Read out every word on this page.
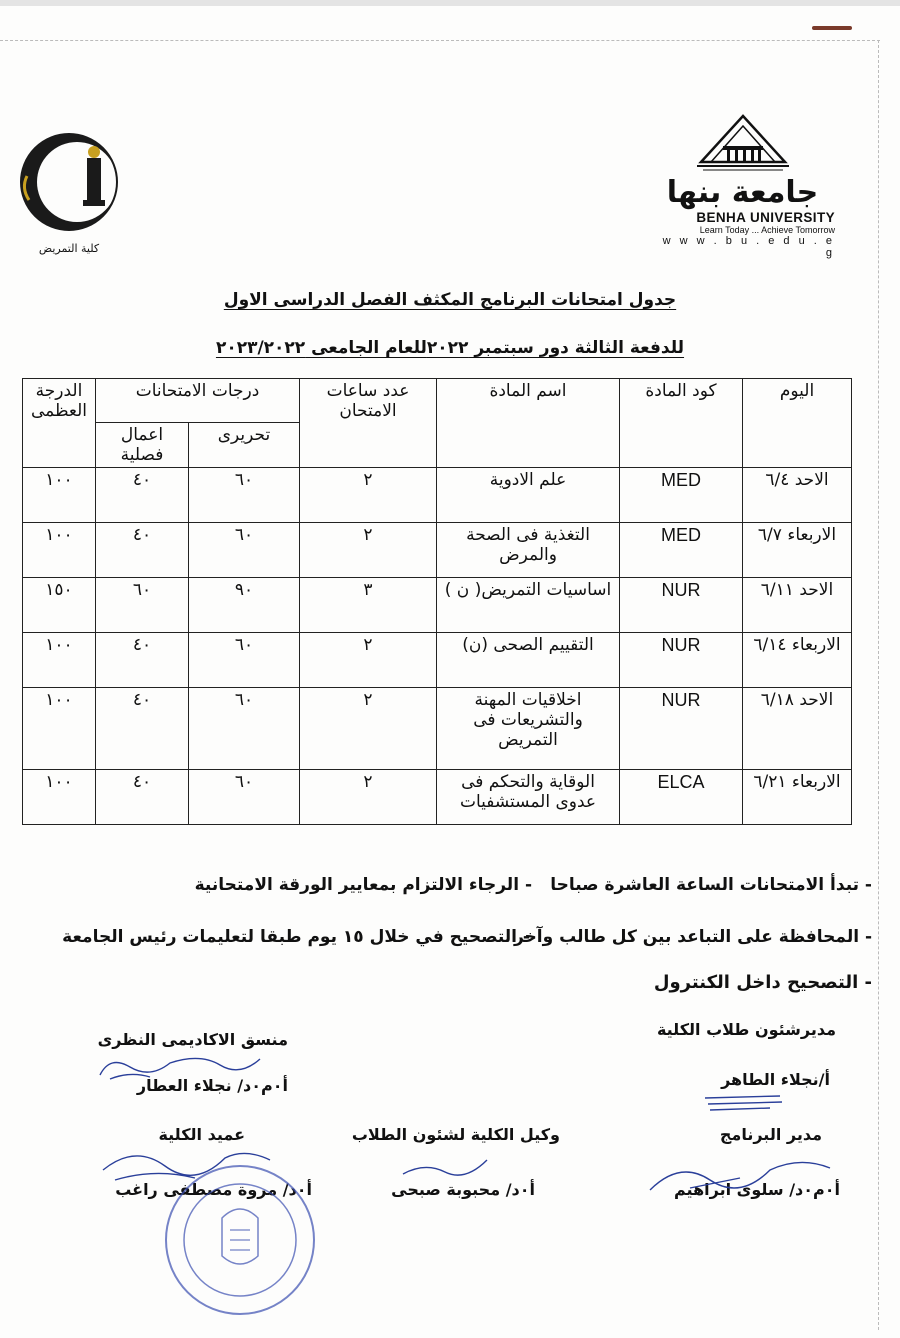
جامعة بنها
BENHA UNIVERSITY
Learn Today ... Achieve Tomorrow
w w w . b u . e d u . e g
كلية التمريض
جدول امتحانات البرنامج المكثف الفصل الدراسى الاول
للدفعة الثالثة دور سبتمبر ٢٠٢٢للعام الجامعى ٢٠٢٣/٢٠٢٢
اليوم	كود المادة	اسم المادة	عدد ساعات الامتحان	درجات الامتحانات		الدرجة العظمى
				تحريرى	اعمال فصلية	
الاحد ٦/٤	MED	علم الادوية	٢	٦٠	٤٠	١٠٠
الاربعاء ٦/٧	MED	التغذية فى الصحة والمرض	٢	٦٠	٤٠	١٠٠
الاحد ٦/١١	NUR	اساسيات التمريض( ن )	٣	٩٠	٦٠	١٥٠
الاربعاء ٦/١٤	NUR	التقييم الصحى (ن)	٢	٦٠	٤٠	١٠٠
الاحد ٦/١٨	NUR	اخلاقيات المهنة والتشريعات فى التمريض	٢	٦٠	٤٠	١٠٠
الاربعاء ٦/٢١	ELCA	الوقاية والتحكم فى عدوى المستشفيات	٢	٦٠	٤٠	١٠٠
- تبدأ الامتحانات الساعة العاشرة صباحا
- الرجاء الالتزام بمعايير الورقة الامتحانية
- المحافظة على التباعد بين كل طالب وآخر
- التصحيح في خلال ١٥ يوم طبقا لتعليمات رئيس الجامعة
- التصحيح داخل الكنترول
مديرشئون طلاب الكلية
أ/نجلاء الطاهر
منسق الاكاديمى النظرى
أ٠م٠د/ نجلاء العطار
مدير البرنامج
أ٠م٠د/ سلوى ابراهيم
وكيل الكلية لشئون الطلاب
أ٠د/ محبوبة صبحى
عميد الكلية
أ٠د/ مروة مصطفى راغب
